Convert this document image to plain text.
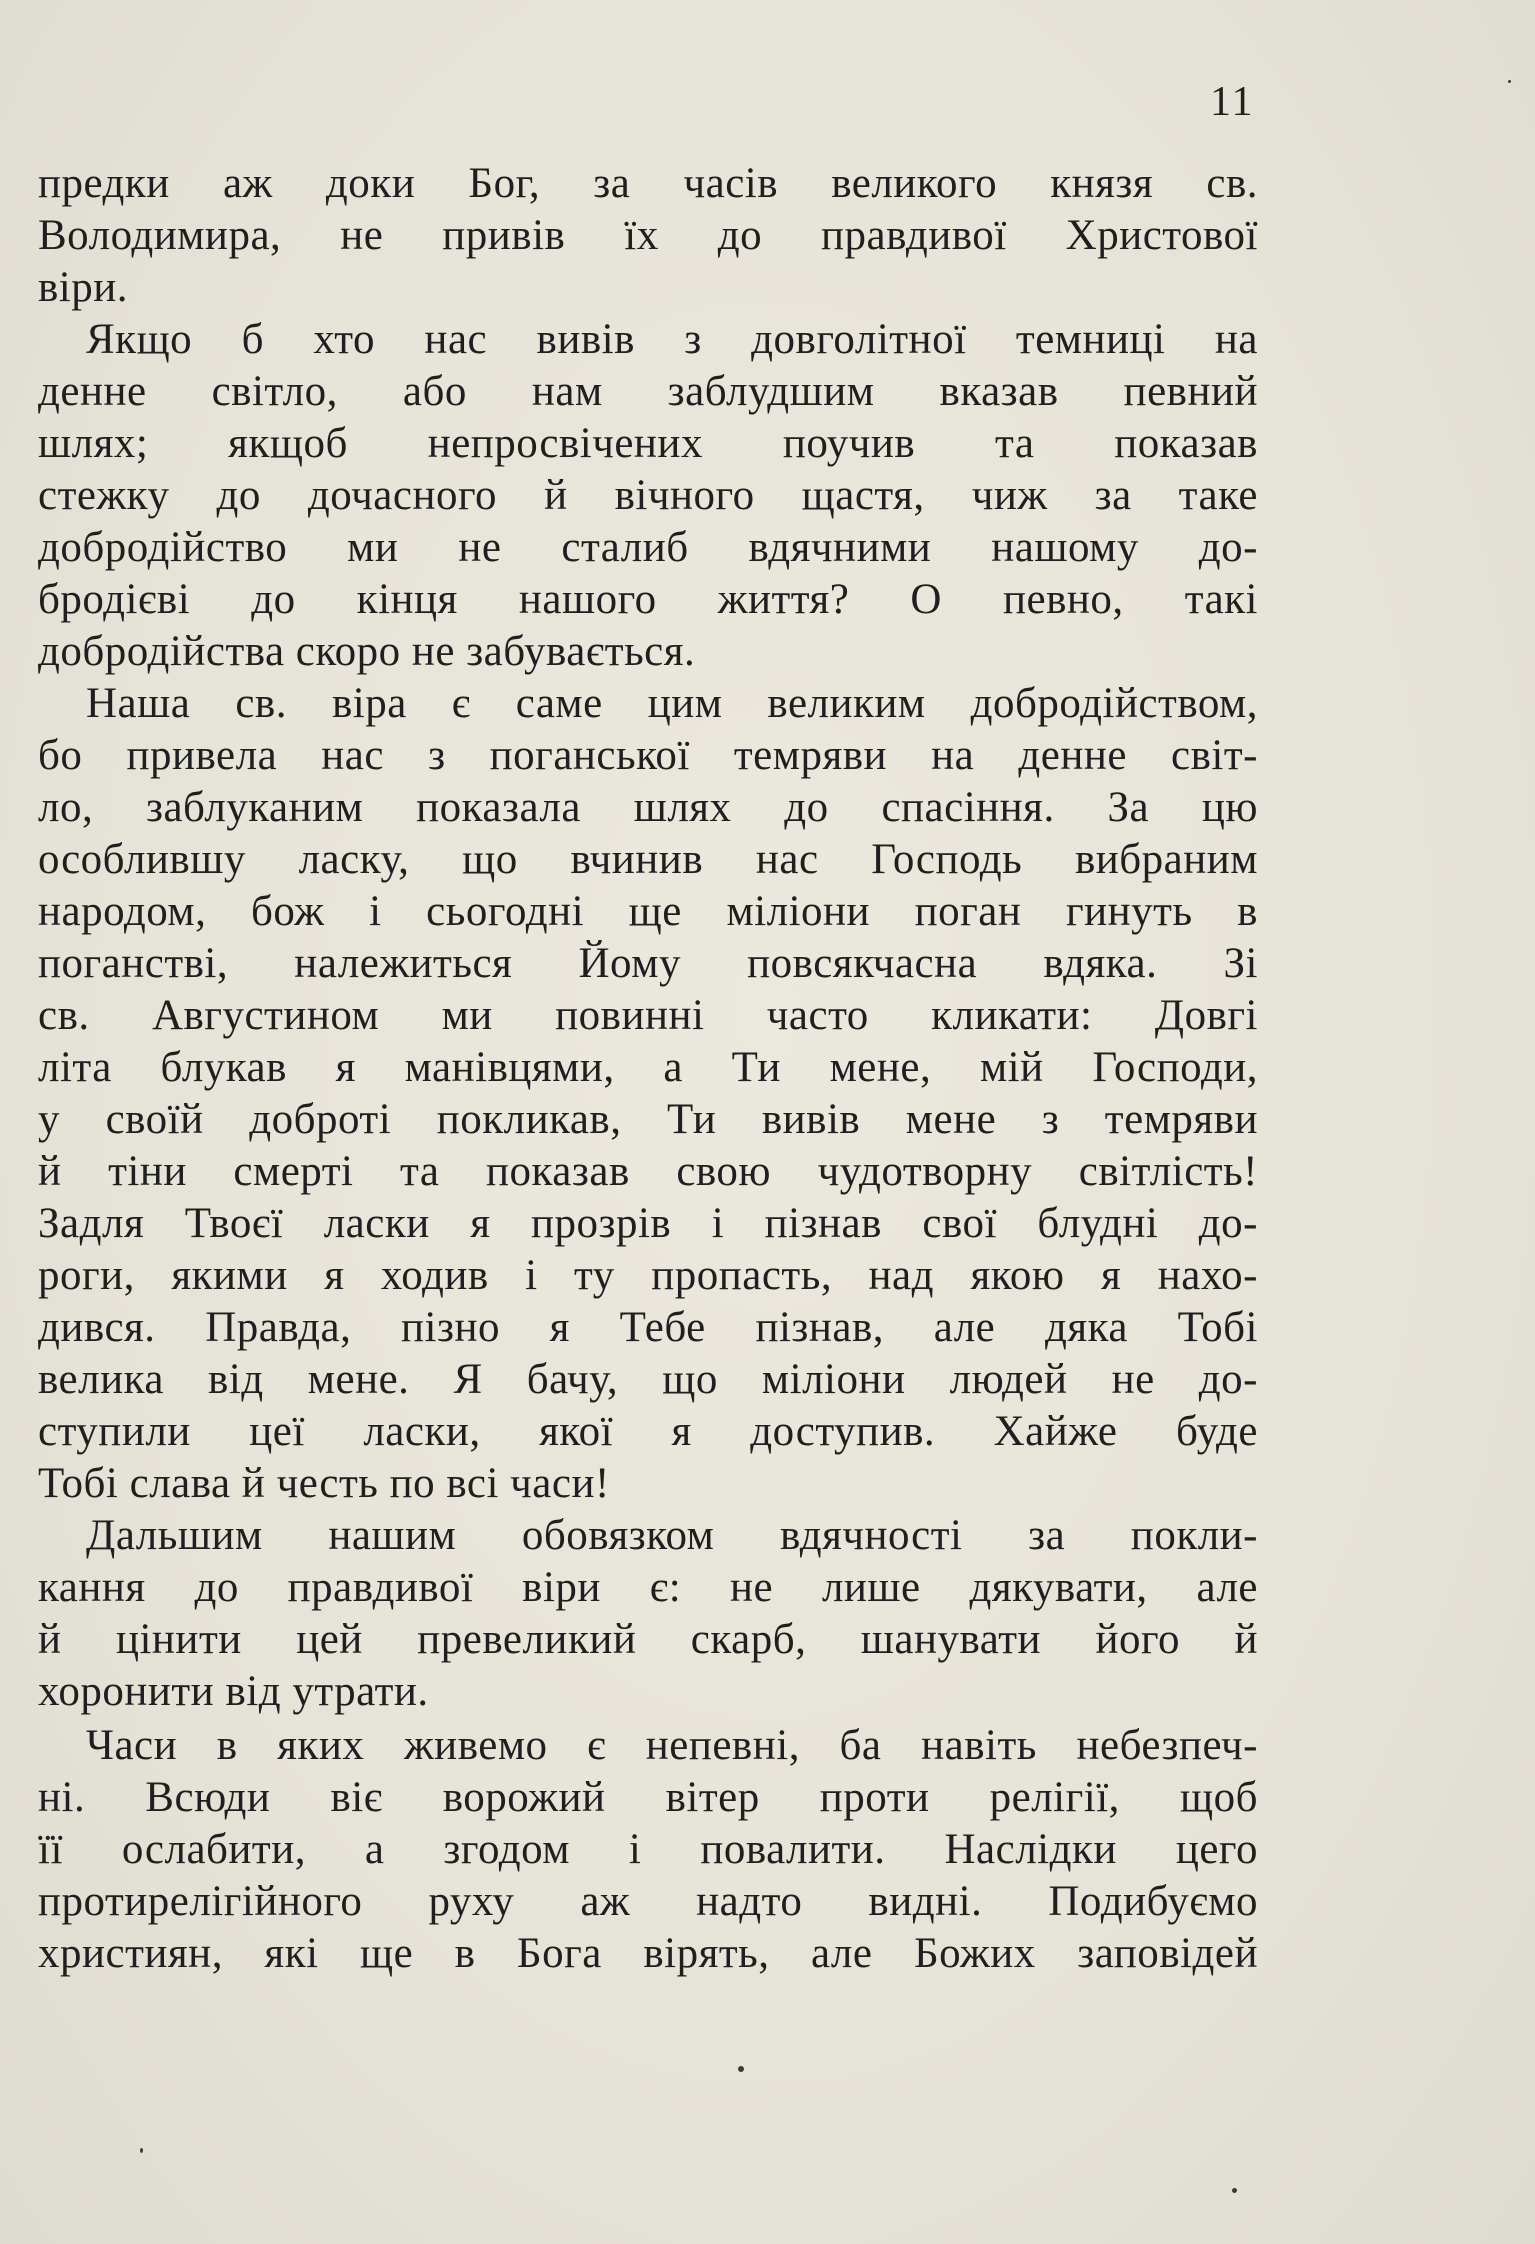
11
предки аж доки Бог, за часів великого князя св.
Володимира, не привів їх до правдивої Христової
віри.
Якщо б хто нас вивів з довголітної темниці на
денне світло, або нам заблудшим вказав певний
шлях; якщоб непросвічених поучив та показав
стежку до дочасного й вічного щастя, чиж за таке
добродійство ми не сталиб вдячними нашому до-
бродієві до кінця нашого життя? О певно, такі
добродійства скоро не забувається.
Наша св. віра є саме цим великим добродійством,
бо привела нас з поганської темряви на денне світ-
ло, заблуканим показала шлях до спасіння. За цю
особлившу ласку, що вчинив нас Господь вибраним
народом, бож і сьогодні ще міліони поган гинуть в
поганстві, належиться Йому повсякчасна вдяка. Зі
св. Августином ми повинні часто кликати: Довгі
літа блукав я манівцями, а Ти мене, мій Господи,
у своїй доброті покликав, Ти вивів мене з темряви
й тіни смерті та показав свою чудотворну світлість!
Задля Твоєї ласки я прозрів і пізнав свої блудні до-
роги, якими я ходив і ту пропасть, над якою я нахо-
дився. Правда, пізно я Тебе пізнав, але дяка Тобі
велика від мене. Я бачу, що міліони людей не до-
ступили цеї ласки, якої я доступив. Хайже буде
Тобі слава й честь по всі часи!
Дальшим нашим обовязком вдячності за покли-
кання до правдивої віри є: не лише дякувати, але
й цінити цей превеликий скарб, шанувати його й
хоронити від утрати.
Часи в яких живемо є непевні, ба навіть небезпеч-
ні. Всюди віє ворожий вітер проти релігії, щоб
її ослабити, а згодом і повалити. Наслідки цего
протирелігійного руху аж надто видні. Подибуємо
християн, які ще в Бога вірять, але Божих заповідей
